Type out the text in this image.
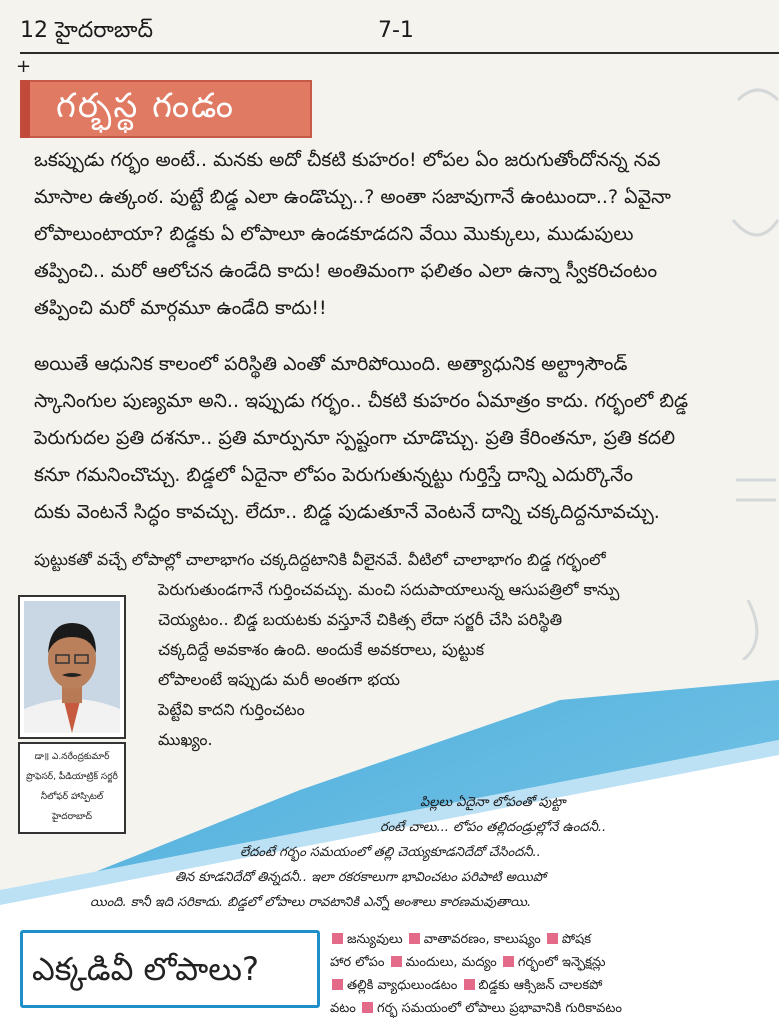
12 హైదరాబాద్	7-1
+
గర్భస్థ గండం

ఒకప్పుడు గర్భం అంటే.. మనకు అదో చీకటి కుహరం! లోపల ఏం జరుగుతోందోనన్న నవ

మాసాల ఉత్కంఠ. పుట్టే బిడ్డ ఎలా ఉండొచ్చు..? అంతా సజావుగానే ఉంటుందా..? ఏవైనా

లోపాలుంటాయా? బిడ్డకు ఏ లోపాలూ ఉండకూడదని వేయి మొక్కులు, ముడుపులు

తప్పించి.. మరో ఆలోచన ఉండేది కాదు! అంతిమంగా ఫలితం ఎలా ఉన్నా స్వీకరిచంటం

తప్పించి మరో మార్గమూ ఉండేది కాదు!!

అయితే ఆధునిక కాలంలో పరిస్థితి ఎంతో మారిపోయింది. అత్యాధునిక అల్ట్రాసౌండ్

స్కానింగుల పుణ్యమా అని.. ఇప్పుడు గర్భం.. చీకటి కుహరం ఏమాత్రం కాదు. గర్భంలో బిడ్డ

పెరుగుదల ప్రతి దశనూ.. ప్రతి మార్పునూ స్పష్టంగా చూడొచ్చు. ప్రతి కేరింతనూ, ప్రతి కదలి

కనూ గమనించొచ్చు. బిడ్డలో ఏదైనా లోపం పెరుగుతున్నట్టు గుర్తిస్తే దాన్ని ఎదుర్కొనేం

దుకు వెంటనే సిద్ధం కావచ్చు. లేదూ.. బిడ్డ పుడుతూనే వెంటనే దాన్ని చక్కదిద్దనూవచ్చు.

పుట్టుకతో వచ్చే లోపాల్లో చాలాభాగం చక్కదిద్దటానికి వీలైనవే. వీటిలో చాలాభాగం బిడ్డ గర్భంలో

పెరుగుతుండగానే గుర్తించవచ్చు. మంచి సదుపాయాలున్న ఆసుపత్రిలో కాన్పు

చెయ్యటం.. బిడ్డ బయటకు వస్తూనే చికిత్స లేదా సర్జరీ చేసి పరిస్థితి

చక్కదిద్దే అవకాశం ఉంది. అందుకే అవకరాలు, పుట్టుక

లోపాలంటే ఇప్పుడు మరీ అంతగా భయ

పెట్టేవి కాదని గుర్తించటం

ముఖ్యం.

డా॥ ఎ.నరేంద్రకుమార్
ప్రొఫెసర్, పీడియాట్రిక్ సర్జరీ
నీలోఫర్ హాస్పిటల్
హైదరాబాద్

పిల్లలు ఏదైనా లోపంతో పుట్టా

రంటే చాలు... లోపం తల్లిదండ్రుల్లోనే ఉందనీ..

లేదంటే గర్భం సమయంలో తల్లి చెయ్యకూడనిదేదో చేసిందనీ..

తిన కూడనిదేదో తిన్నదనీ.. ఇలా రకరకాలుగా భావించటం పరిపాటి అయిపో

యింది. కానీ ఇది సరికాదు. బిడ్డలో లోపాలు రావటానికి ఎన్నో అంశాలు కారణమవుతాయి.

ఎక్కడివీ లోపాలు?

జన్యువులు వాతావరణం, కాలుష్యం పోషక

హార లోపం మందులు, మద్యం గర్భంలో ఇన్ఫెక్షన్లు

తల్లికి వ్యాధులుండటం బిడ్డకు ఆక్సిజన్ చాలకపో

వటం గర్భ సమయంలో లోపాలు ప్రభావానికి గురికావటం
